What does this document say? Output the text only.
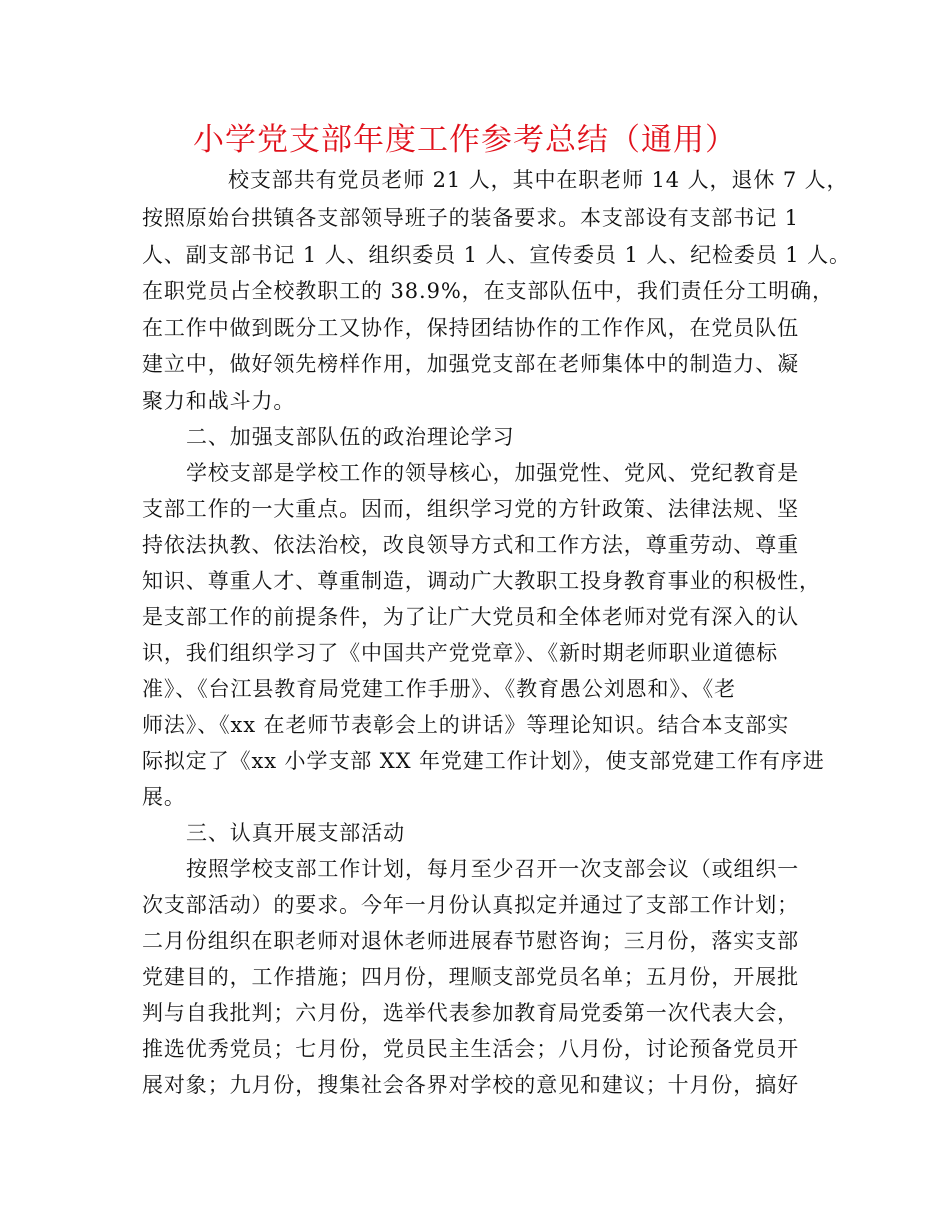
小学党支部年度工作参考总结（通用）
校支部共有党员老师 21 人，其中在职老师 14 人，退休 7 人，
按照原始台拱镇各支部领导班子的装备要求。本支部设有支部书记 1
人、副支部书记 1 人、组织委员 1 人、宣传委员 1 人、纪检委员 1 人。
在职党员占全校教职工的 38.9%，在支部队伍中，我们责任分工明确，
在工作中做到既分工又协作，保持团结协作的工作作风，在党员队伍
建立中，做好领先榜样作用，加强党支部在老师集体中的制造力、凝
聚力和战斗力。
二、加强支部队伍的政治理论学习
学校支部是学校工作的领导核心，加强党性、党风、党纪教育是
支部工作的一大重点。因而，组织学习党的方针政策、法律法规、坚
持依法执教、依法治校，改良领导方式和工作方法，尊重劳动、尊重
知识、尊重人才、尊重制造，调动广大教职工投身教育事业的积极性，
是支部工作的前提条件，为了让广大党员和全体老师对党有深入的认
识，我们组织学习了《中国共产党党章》、《新时期老师职业道德标
准》、《台江县教育局党建工作手册》、《教育愚公刘恩和》、《老
师法》、《xx 在老师节表彰会上的讲话》等理论知识。结合本支部实
际拟定了《xx 小学支部 XX 年党建工作计划》，使支部党建工作有序进
展。
三、认真开展支部活动
按照学校支部工作计划，每月至少召开一次支部会议（或组织一
次支部活动）的要求。今年一月份认真拟定并通过了支部工作计划；
二月份组织在职老师对退休老师进展春节慰咨询；三月份，落实支部
党建目的，工作措施；四月份，理顺支部党员名单；五月份，开展批
判与自我批判；六月份，选举代表参加教育局党委第一次代表大会，
推选优秀党员；七月份，党员民主生活会；八月份，讨论预备党员开
展对象；九月份，搜集社会各界对学校的意见和建议；十月份，搞好
